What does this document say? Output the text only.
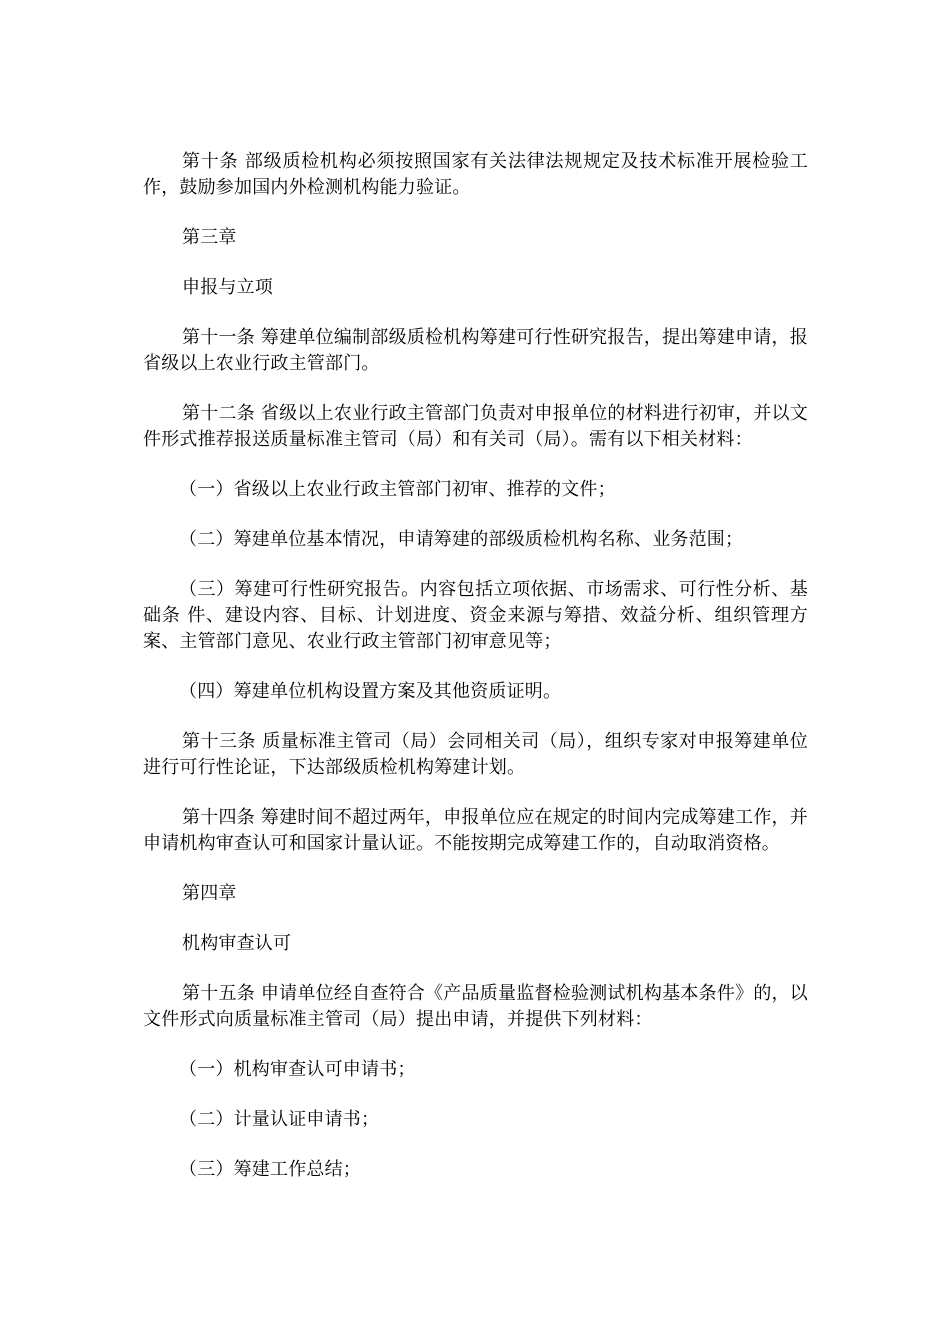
第十条 部级质检机构必须按照国家有关法律法规规定及技术标准开展检验工作，鼓励参加国内外检测机构能力验证。

第三章

申报与立项

第十一条 筹建单位编制部级质检机构筹建可行性研究报告，提出筹建申请，报省级以上农业行政主管部门。

第十二条 省级以上农业行政主管部门负责对申报单位的材料进行初审，并以文件形式推荐报送质量标准主管司（局）和有关司（局）。需有以下相关材料：

（一）省级以上农业行政主管部门初审、推荐的文件；

（二）筹建单位基本情况，申请筹建的部级质检机构名称、业务范围；

（三）筹建可行性研究报告。内容包括立项依据、市场需求、可行性分析、基础条 件、建设内容、目标、计划进度、资金来源与筹措、效益分析、组织管理方案、主管部门意见、农业行政主管部门初审意见等；

（四）筹建单位机构设置方案及其他资质证明。

第十三条 质量标准主管司（局）会同相关司（局），组织专家对申报筹建单位进行可行性论证，下达部级质检机构筹建计划。

第十四条 筹建时间不超过两年，申报单位应在规定的时间内完成筹建工作，并申请机构审查认可和国家计量认证。不能按期完成筹建工作的，自动取消资格。

第四章

机构审查认可

第十五条 申请单位经自查符合《产品质量监督检验测试机构基本条件》的，以文件形式向质量标准主管司（局）提出申请，并提供下列材料：

（一）机构审查认可申请书；

（二）计量认证申请书；

（三）筹建工作总结；
